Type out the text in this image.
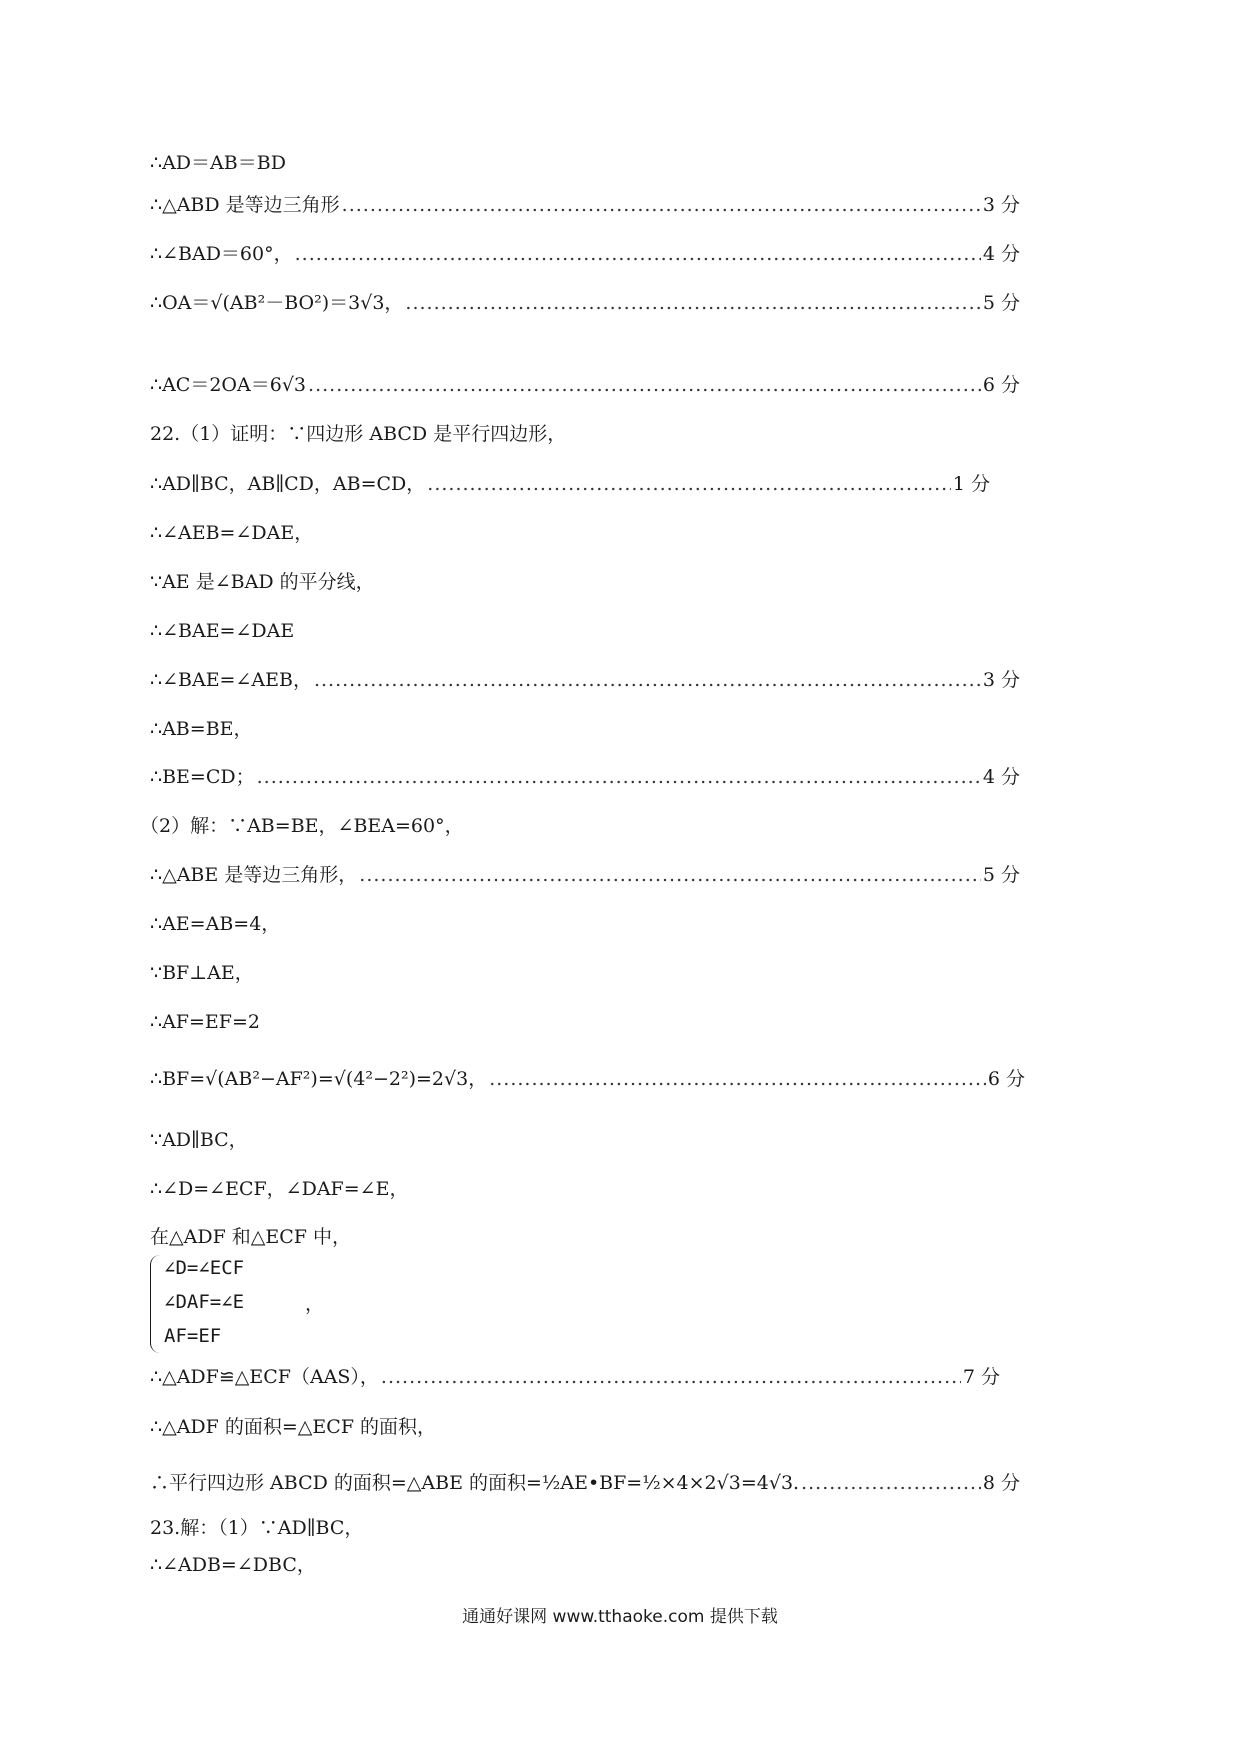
∴AD＝AB＝BD
∴△ABD 是等边三角形 .....	3 分
∴∠BAD＝60°， .....	4 分
∴OA＝√(AB²－BO²)＝3√3， .....	5 分
∴AC＝2OA＝6√3 .....	6 分
22.（1）证明：∵四边形 ABCD 是平行四边形，
∴AD∥BC，AB∥CD，AB=CD， .....	1 分
∴∠AEB=∠DAE，
∵AE 是∠BAD 的平分线，
∴∠BAE=∠DAE
∴∠BAE=∠AEB， .....	3 分
∴AB=BE，
∴BE=CD； .....	4 分
（2）解：∵AB=BE，∠BEA=60°，
∴△ABE 是等边三角形， .....	5 分
∴AE=AB=4，
∵BF⊥AE，
∴AF=EF=2
∴BF=√(AB²−AF²)=√(4²−2²)=2√3， .....	6 分
∵AD∥BC，
∴∠D=∠ECF，∠DAF=∠E，
在△ADF 和△ECF 中，
∠D=∠ECF
∠DAF=∠E
AF=EF
，
∴△ADF≌△ECF（AAS）， .....	7 分
∴△ADF 的面积=△ECF 的面积，
∴平行四边形 ABCD 的面积=△ABE 的面积=½AE•BF=½×4×2√3=4√3. .....	8 分
23.解：（1）∵AD∥BC，
∴∠ADB=∠DBC，
通通好课网 www.tthaoke.com 提供下载
